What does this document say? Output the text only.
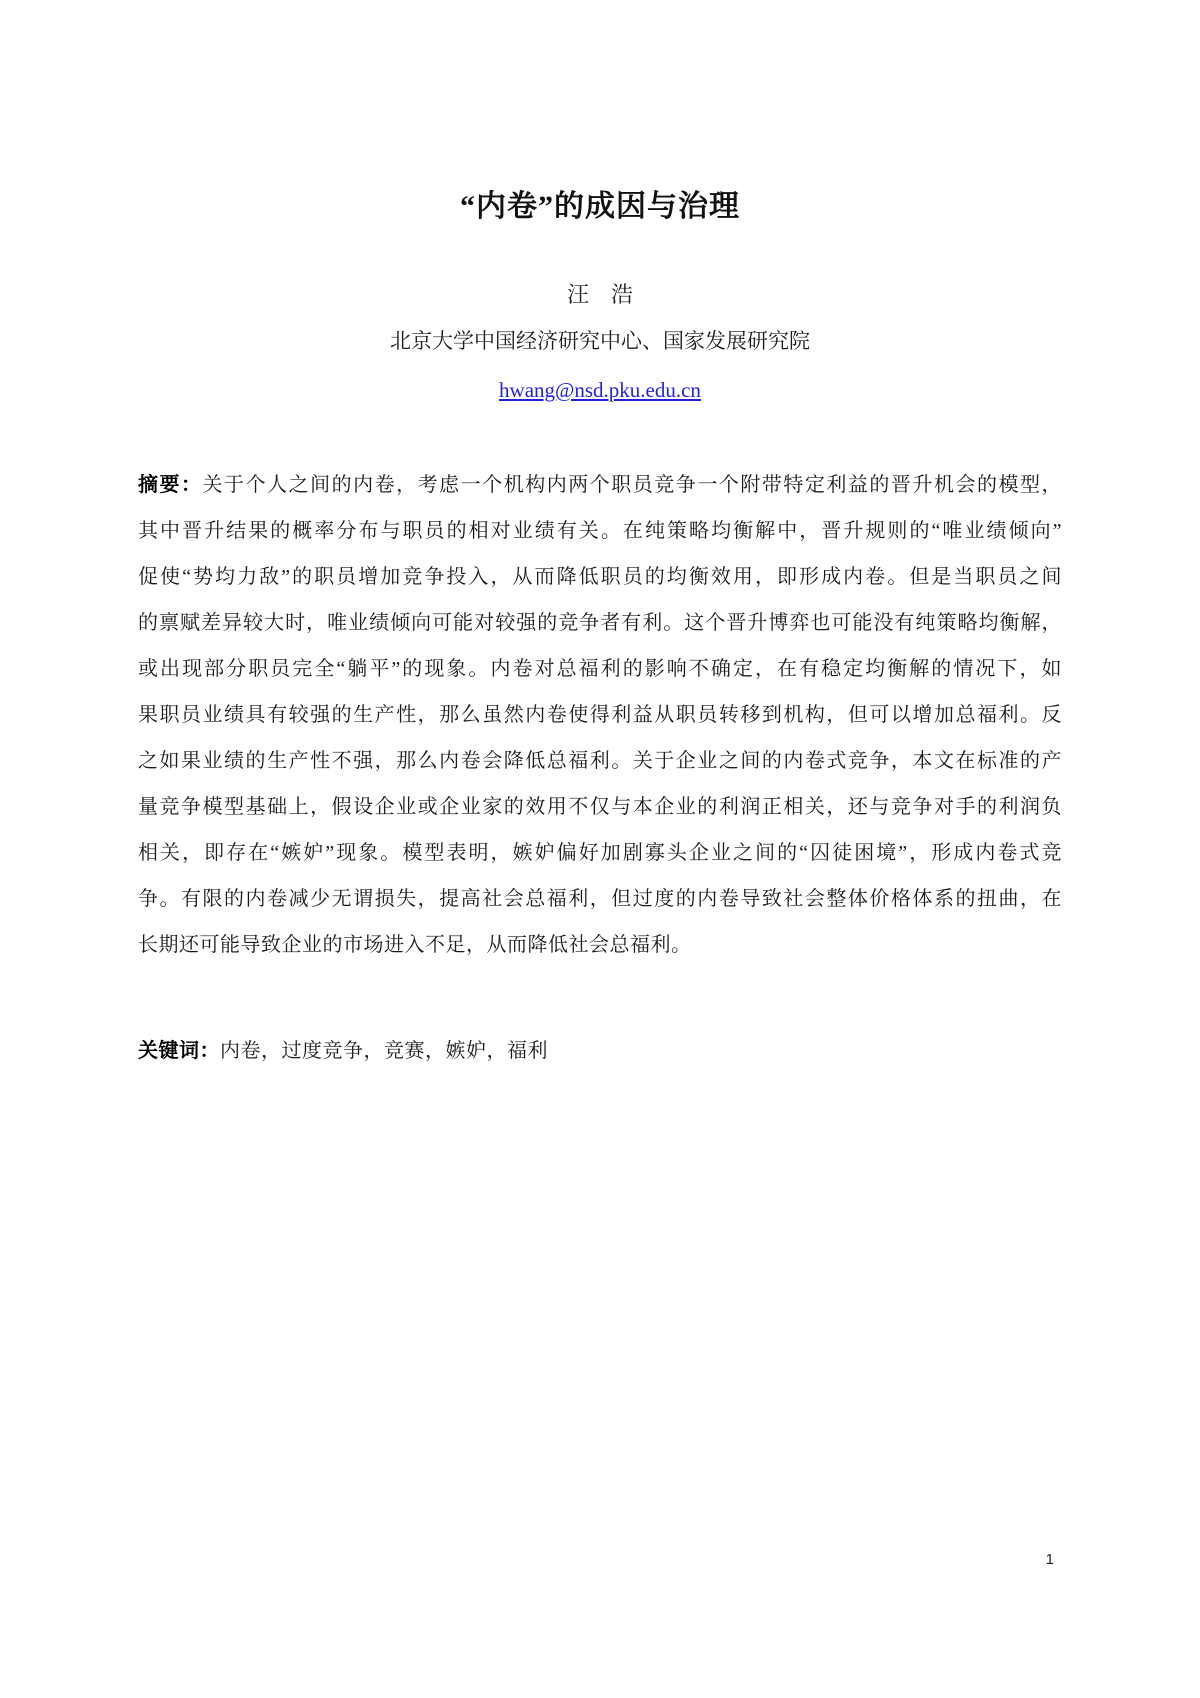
“内卷”的成因与治理
汪　浩
北京大学中国经济研究中心、国家发展研究院
hwang@nsd.pku.edu.cn
摘要：关于个人之间的内卷，考虑一个机构内两个职员竞争一个附带特定利益的晋升机会的模型，
其中晋升结果的概率分布与职员的相对业绩有关。在纯策略均衡解中，晋升规则的“唯业绩倾向”
促使“势均力敌”的职员增加竞争投入，从而降低职员的均衡效用，即形成内卷。但是当职员之间
的禀赋差异较大时，唯业绩倾向可能对较强的竞争者有利。这个晋升博弈也可能没有纯策略均衡解，
或出现部分职员完全“躺平”的现象。内卷对总福利的影响不确定，在有稳定均衡解的情况下，如
果职员业绩具有较强的生产性，那么虽然内卷使得利益从职员转移到机构，但可以增加总福利。反
之如果业绩的生产性不强，那么内卷会降低总福利。关于企业之间的内卷式竞争，本文在标准的产
量竞争模型基础上，假设企业或企业家的效用不仅与本企业的利润正相关，还与竞争对手的利润负
相关，即存在“嫉妒”现象。模型表明，嫉妒偏好加剧寡头企业之间的“囚徒困境”，形成内卷式竞
争。有限的内卷减少无谓损失，提高社会总福利，但过度的内卷导致社会整体价格体系的扭曲，在
长期还可能导致企业的市场进入不足，从而降低社会总福利。
关键词：内卷，过度竞争，竞赛，嫉妒，福利
1
